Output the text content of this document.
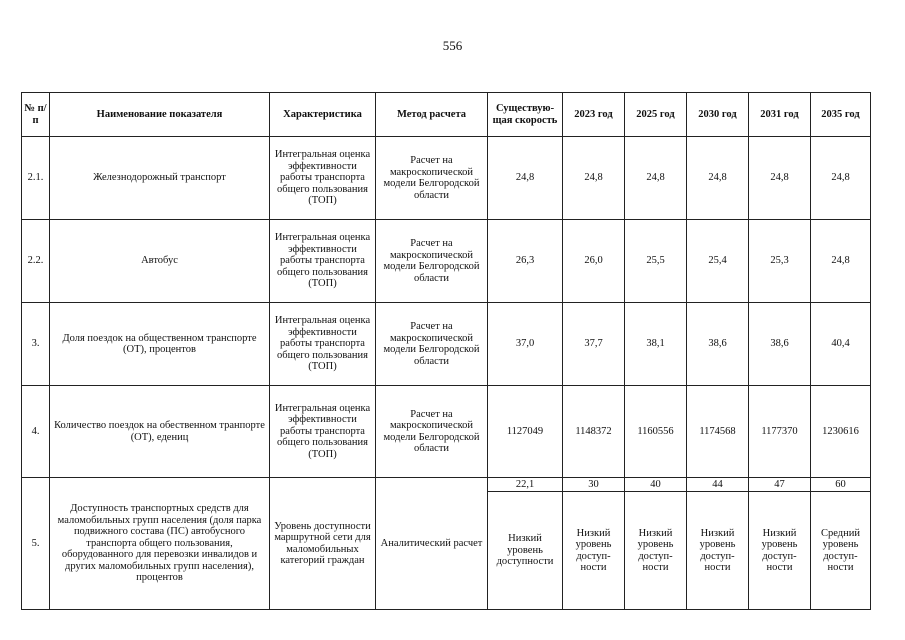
556
№ п/п	Наименование показателя	Характеристика	Метод расчета	Существую-щая скорость	2023 год	2025 год	2030 год	2031 год	2035 год
2.1.	Железнодорожный транспорт	Интегральная оценка эффективности работы транспорта общего пользования (ТОП)	Расчет на макроскопической модели Белгородской области	24,8	24,8	24,8	24,8	24,8	24,8
2.2.	Автобус	Интегральная оценка эффективности работы транспорта общего пользования (ТОП)	Расчет на макроскопической модели Белгородской области	26,3	26,0	25,5	25,4	25,3	24,8
3.	Доля поездок на общественном транспорте (ОТ), процентов	Интегральная оценка эффективности работы транспорта общего пользования (ТОП)	Расчет на макроскопической модели Белгородской области	37,0	37,7	38,1	38,6	38,6	40,4
4.	Количество поездок на обественном транпорте (ОТ), едениц	Интегральная оценка эффективности работы транспорта общего пользования (ТОП)	Расчет на макроскопической модели Белгородской области	1127049	1148372	1160556	1174568	1177370	1230616
5.	Доступность транспортных средств для маломобильных групп населения (доля парка подвижного состава (ПС) автобусного транспорта общего пользования, оборудованного для перевозки инвалидов и других маломобильных групп населения), процентов	Уровень доступности маршрутной сети для маломобильных категорий граждан	Аналитический расчет	22,1	30	40	44	47	60
				Низкий уровень доступности	Низкий уровень доступ-ности	Низкий уровень доступ-ности	Низкий уровень доступ-ности	Низкий уровень доступ-ности	Средний уровень доступ-ности
